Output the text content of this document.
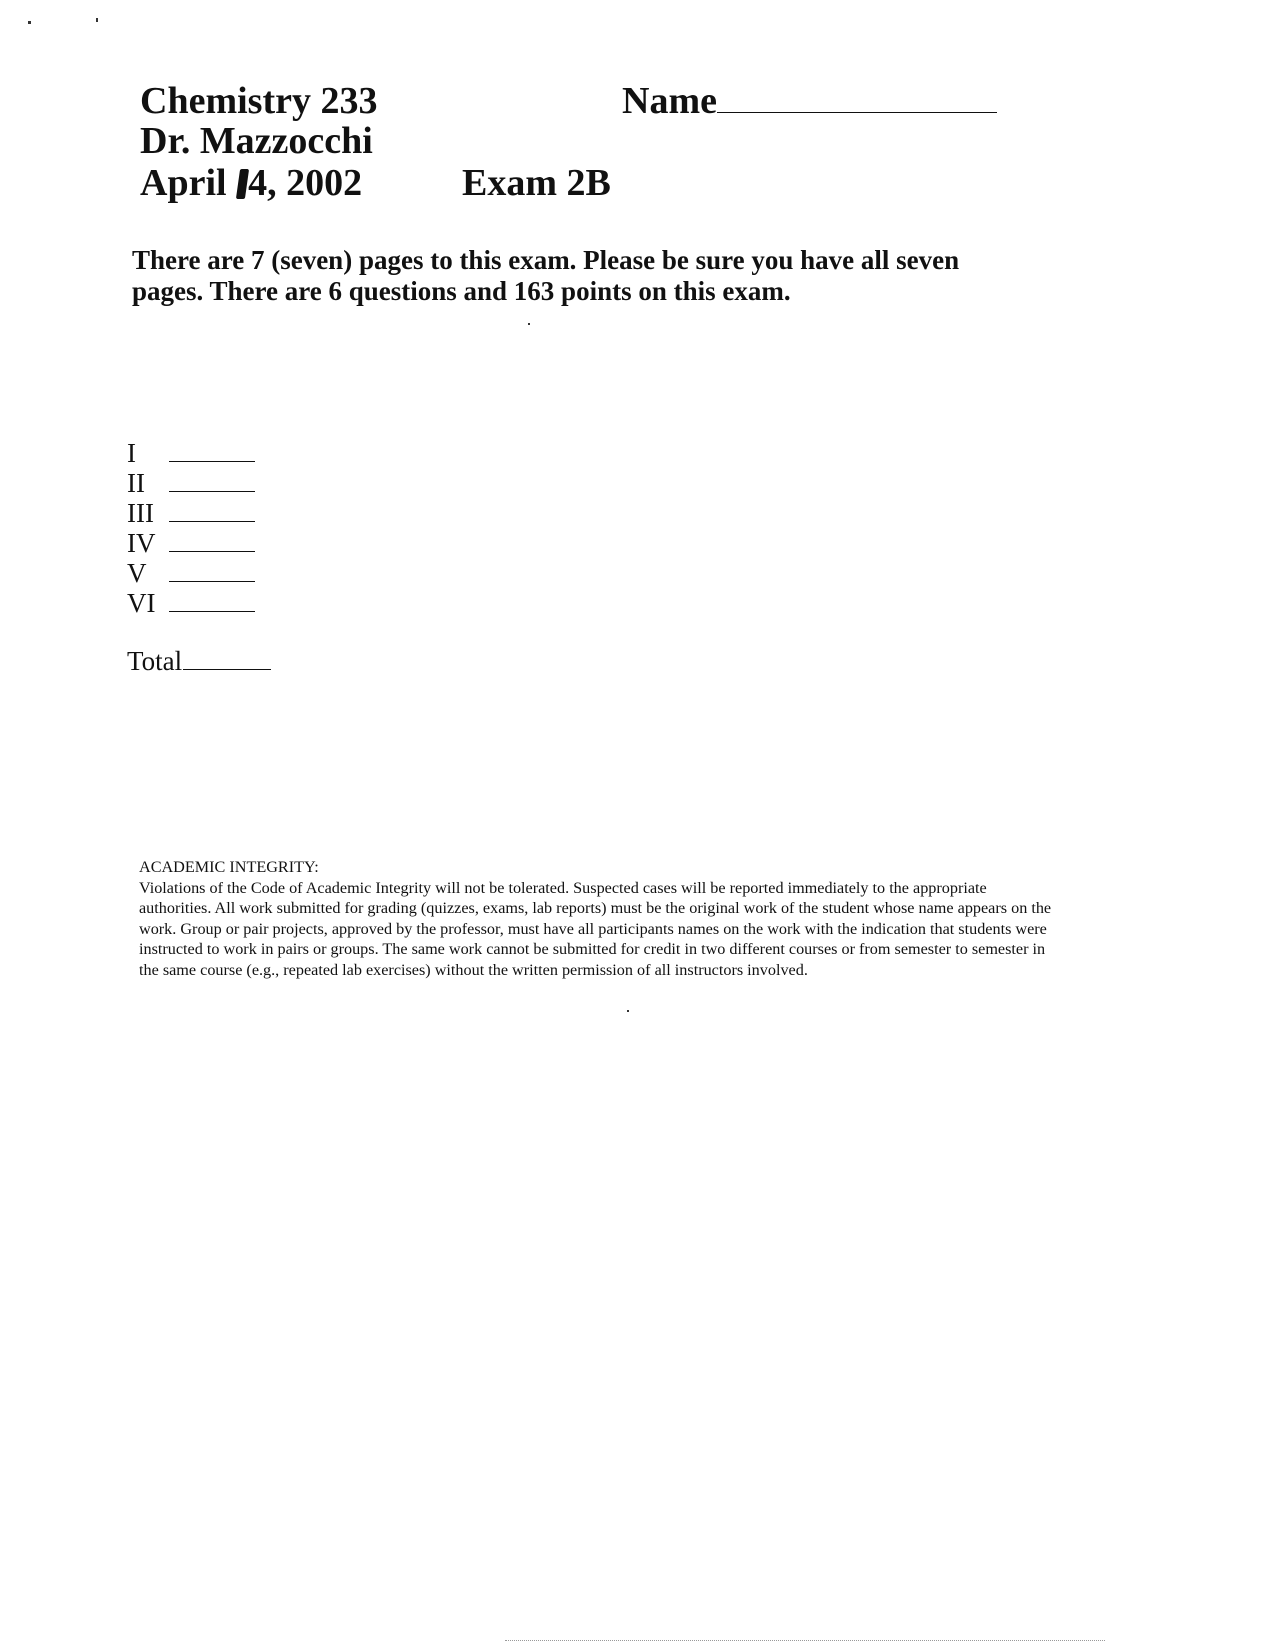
Chemistry 233
Dr. Mazzocchi
April 4, 2002
Name
Exam 2B
There are 7 (seven) pages to this exam. Please be sure you have all seven pages. There are 6 questions and 163 points on this exam.
I
II
III
IV
V
VI
Total

ACADEMIC INTEGRITY:

Violations of the Code of Academic Integrity will not be tolerated. Suspected cases will be reported immediately to the appropriate authorities. All work submitted for grading (quizzes, exams, lab reports) must be the original work of the student whose name appears on the work. Group or pair projects, approved by the professor, must have all participants names on the work with the indication that students were instructed to work in pairs or groups. The same work cannot be submitted for credit in two different courses or from semester to semester in the same course (e.g., repeated lab exercises) without the written permission of all instructors involved.
